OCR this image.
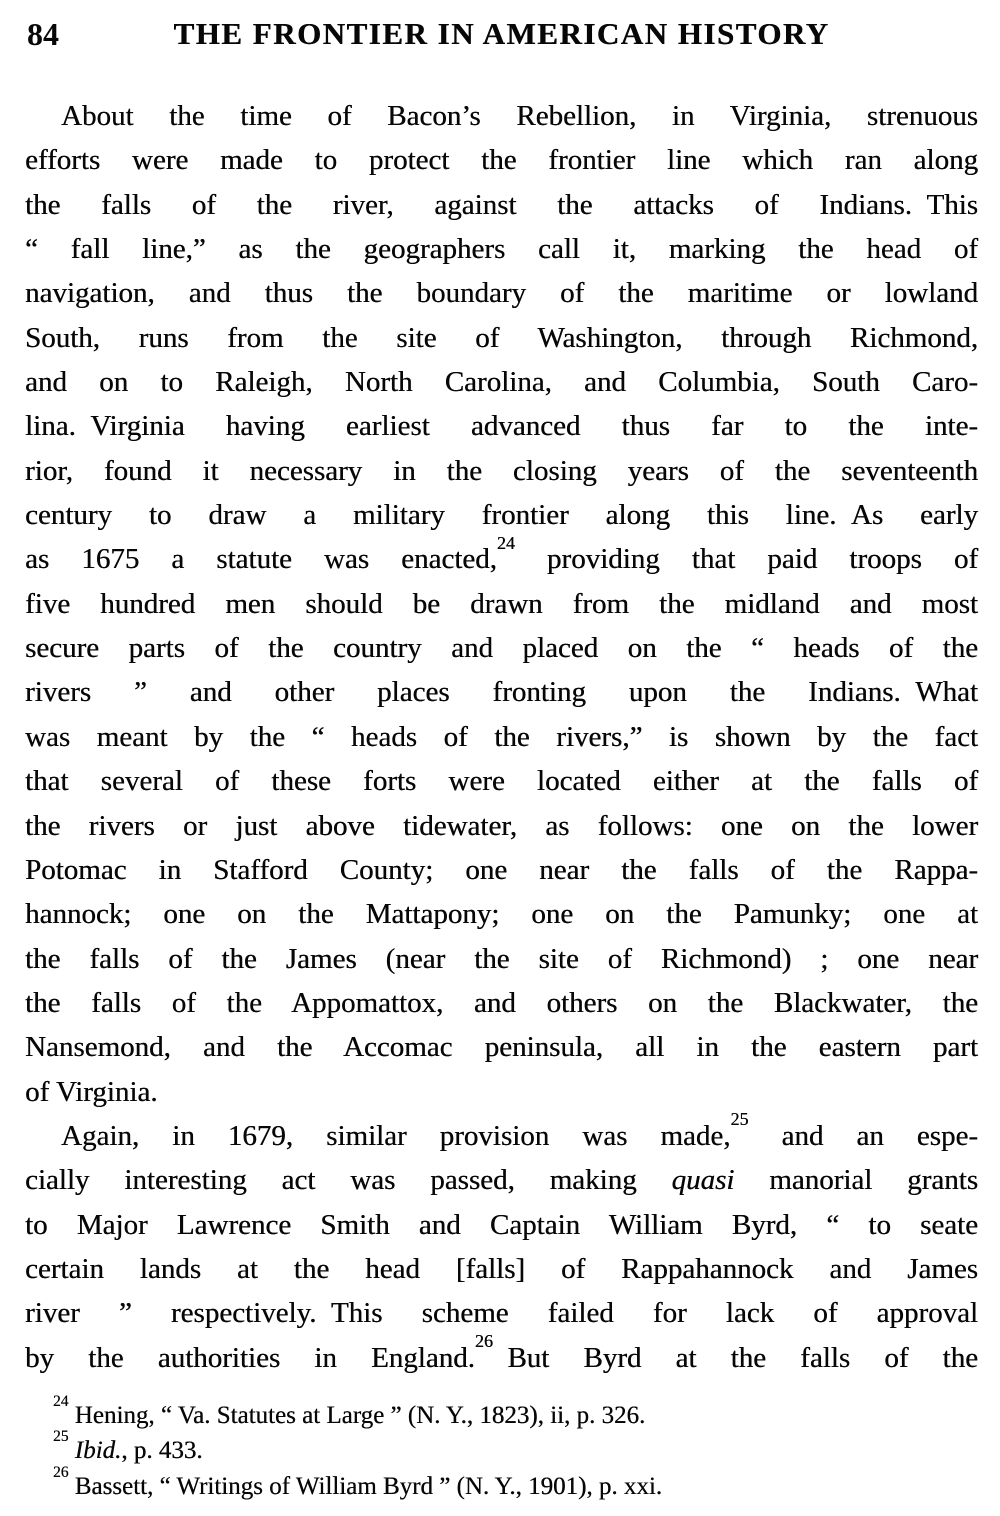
84	THE FRONTIER IN AMERICAN HISTORY
About the time of Bacon’s Rebellion, in Virginia, strenuous
efforts were made to protect the frontier line which ran along
the falls of the river, against the attacks of Indians. This
“ fall line,” as the geographers call it, marking the head of
navigation, and thus the boundary of the maritime or lowland
South, runs from the site of Washington, through Richmond,
and on to Raleigh, North Carolina, and Columbia, South Caro-
lina. Virginia having earliest advanced thus far to the inte-
rior, found it necessary in the closing years of the seventeenth
century to draw a military frontier along this line. As early
as 1675 a statute was enacted,$^{24}$ providing that paid troops of
five hundred men should be drawn from the midland and most
secure parts of the country and placed on the “ heads of the
rivers ” and other places fronting upon the Indians. What
was meant by the “ heads of the rivers,” is shown by the fact
that several of these forts were located either at the falls of
the rivers or just above tidewater, as follows: one on the lower
Potomac in Stafford County; one near the falls of the Rappa-
hannock; one on the Mattapony; one on the Pamunky; one at
the falls of the James (near the site of Richmond) ; one near
the falls of the Appomattox, and others on the Blackwater, the
Nansemond, and the Accomac peninsula, all in the eastern part
of Virginia.
Again, in 1679, similar provision was made,$^{25}$ and an espe-
cially interesting act was passed, making quasi manorial grants
to Major Lawrence Smith and Captain William Byrd, “ to seate
certain lands at the head [falls] of Rappahannock and James
river ” respectively. This scheme failed for lack of approval
by the authorities in England.$^{26}$ But Byrd at the falls of the
$^{24}$ Hening, “ Va. Statutes at Large ” (N. Y., 1823), ii, p. 326.
$^{25}$ Ibid., p. 433.
$^{26}$ Bassett, “ Writings of William Byrd ” (N. Y., 1901), p. xxi.
